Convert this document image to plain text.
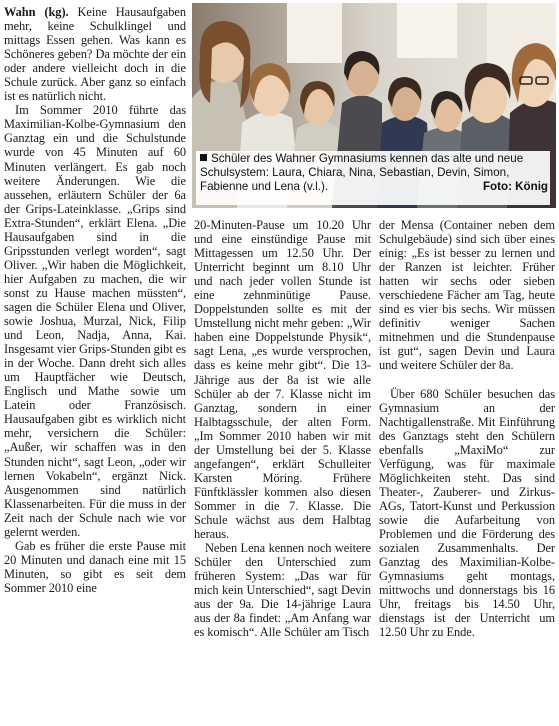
Wahn (kg). Keine Hausaufgaben mehr, keine Schulklingel und mittags Essen gehen. Was kann es Schöneres geben? Da möchte der ein oder andere vielleicht doch in die Schule zurück. Aber ganz so einfach ist es natürlich nicht.

Im Sommer 2010 führte das Maximilian-Kolbe-Gymnasium den Ganztag ein und die Schulstunde wurde von 45 Minuten auf 60 Minuten verlängert. Es gab noch weitere Änderungen. Wie die aussehen, erläutern Schüler der 6a der Grips-Lateinklasse. „Grips sind Extra-Stunden“, erklärt Elena. „Die Hausaufgaben sind in die Gripsstunden verlegt worden“, sagt Oliver. „Wir haben die Möglichkeit, hier Aufgaben zu machen, die wir sonst zu Hause machen müssten“, sagen die Schüler Elena und Oliver, sowie Joshua, Murzal, Nick, Filip und Leon, Nadja, Anna, Kai. Insgesamt vier Grips-Stunden gibt es in der Woche. Dann dreht sich alles um Hauptfächer wie Deutsch, Englisch und Mathe sowie um Latein oder Französisch. Hausaufgaben gibt es wirklich nicht mehr, versichern die Schüler: „Außer, wir schaffen was in den Stunden nicht“, sagt Leon, „oder wir lernen Vokabeln“, ergänzt Nick. Ausgenommen sind natürlich Klassenarbeiten. Für die muss in der Zeit nach der Schule nach wie vor gelernt werden.

Gab es früher die erste Pause mit 20 Minuten und danach eine mit 15 Minuten, so gibt es seit dem Sommer 2010 eine

Schüler des Wahner Gymnasiums kennen das alte und neue Schulsystem: Laura, Chiara, Nina, Sebastian, Devin, Simon, Fabienne und Lena (v.l.).	Foto: König

20-Minuten-Pause um 10.20 Uhr und eine einstündige Pause mit Mittagessen um 12.50 Uhr. Der Unterricht beginnt um 8.10 Uhr und nach jeder vollen Stunde ist eine zehnminütige Pause. Doppelstunden sollte es mit der Umstellung nicht mehr geben: „Wir haben eine Doppelstunde Physik“, sagt Lena, „es wurde versprochen, dass es keine mehr gibt“. Die 13-Jährige aus der 8a ist wie alle Schüler ab der 7. Klasse nicht im Ganztag, sondern in einer Halbtagsschule, der alten Form. „Im Sommer 2010 haben wir mit der Umstellung bei der 5. Klasse angefangen“, erklärt Schulleiter Karsten Möring. Frühere Fünftklässler kommen also diesen Sommer in die 7. Klasse. Die Schule wächst aus dem Halbtag heraus.

Neben Lena kennen noch weitere Schüler den Unterschied zum früheren System: „Das war für mich kein Unterschied“, sagt Devin aus der 9a. Die 14-jährige Laura aus der 8a findet: „Am Anfang war es komisch“. Alle Schüler am Tisch

der Mensa (Container neben dem Schulgebäude) sind sich über eines einig: „Es ist besser zu lernen und der Ranzen ist leichter. Früher hatten wir sechs oder sieben verschiedene Fächer am Tag, heute sind es vier bis sechs. Wir müssen definitiv weniger Sachen mitnehmen und die Stundenpause ist gut“, sagen Devin und Laura und weitere Schüler der 8a.

Über 680 Schüler besuchen das Gymnasium an der Nachtigallenstraße. Mit Einführung des Ganztags steht den Schülern ebenfalls „MaxiMo“ zur Verfügung, was für maximale Möglichkeiten steht. Das sind Theater-, Zauberer- und Zirkus-AGs, Tatort-Kunst und Perkussion sowie die Aufarbeitung von Problemen und die Förderung des sozialen Zusammenhalts. Der Ganztag des Maximilian-Kolbe-Gymnasiums geht montags, mittwochs und donnerstags bis 16 Uhr, freitags bis 14.50 Uhr, dienstags ist der Unterricht um 12.50 Uhr zu Ende.
